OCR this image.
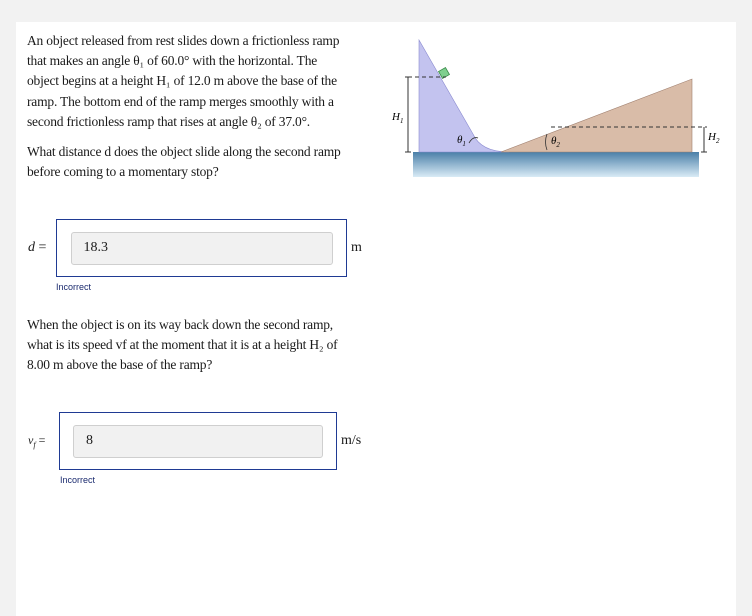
An object released from rest slides down a frictionless ramp

that makes an angle θ₁ of 60.0° with the horizontal. The

object begins at a height H₁ of 12.0 m above the base of the

ramp. The bottom end of the ramp merges smoothly with a

second frictionless ramp that rises at angle θ₂ of 37.0°.

What distance d does the object slide along the second ramp

before coming to a momentary stop?

$H_1$
$\theta_1$	$\theta_2$
$H_2$
d =
18.3	m
Incorrect

When the object is on its way back down the second ramp,

what is its speed vf at the moment that it is at a height H₂ of

8.00 m above the base of the ramp?

$v_f$ =
8	m/s
Incorrect
